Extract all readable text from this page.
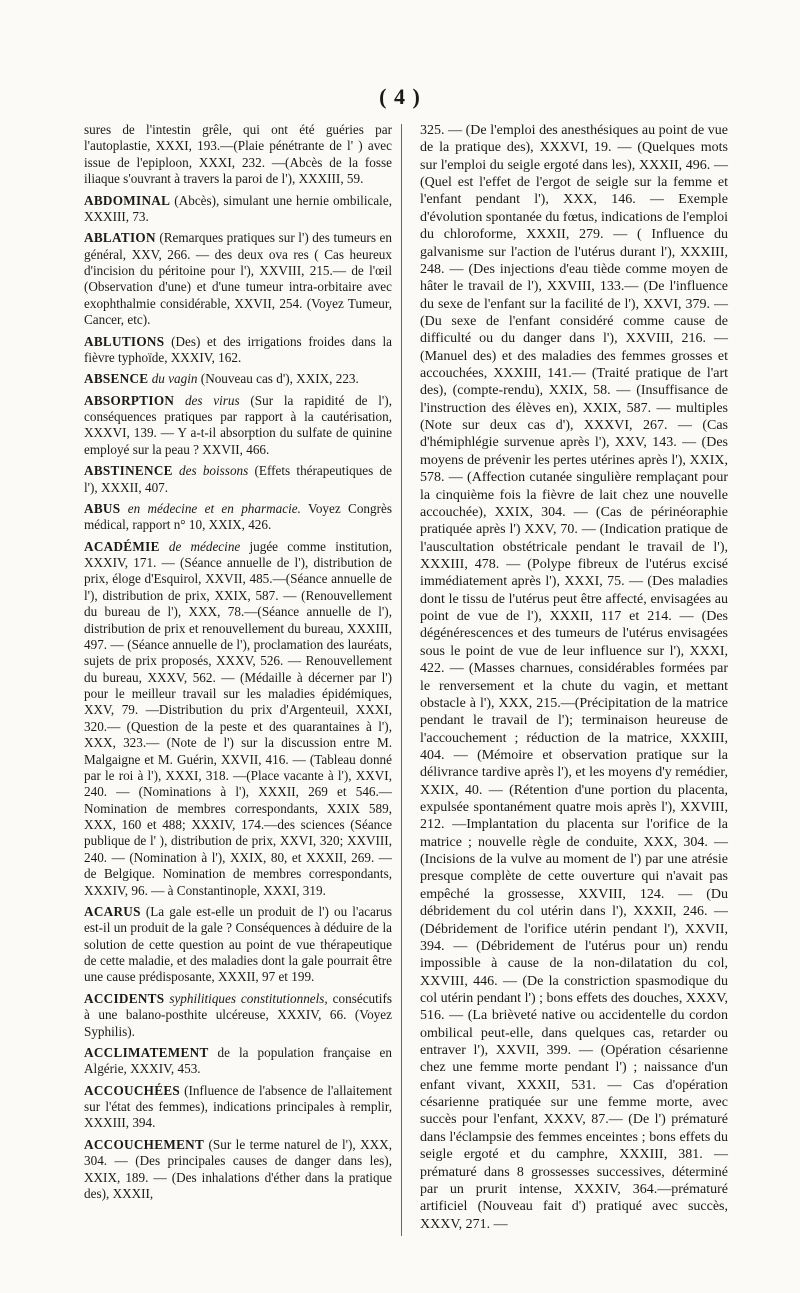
( 4 )

sures de l'intestin grêle, qui ont été guéries par l'autoplastie, XXXI, 193.—(Plaie pénétrante de l' ) avec issue de l'epiploon, XXXI, 232. —(Abcès de la fosse iliaque s'ouvrant à travers la paroi de l'), XXXIII, 59.

ABDOMINAL (Abcès), simulant une hernie ombilicale, XXXIII, 73.

ABLATION (Remarques pratiques sur l') des tumeurs en général, XXV, 266. — des deux ova res ( Cas heureux d'incision du péritoine pour l'), XXVIII, 215.— de l'œil (Observation d'une) et d'une tumeur intra-orbitaire avec exophthalmie considérable, XXVII, 254. (Voyez Tumeur, Cancer, etc).

ABLUTIONS (Des) et des irrigations froides dans la fièvre typhoïde, XXXIV, 162.

ABSENCE du vagin (Nouveau cas d'), XXIX, 223.

ABSORPTION des virus (Sur la rapidité de l'), conséquences pratiques par rapport à la cautérisation, XXXVI, 139. — Y a-t-il absorption du sulfate de quinine employé sur la peau ? XXVII, 466.

ABSTINENCE des boissons (Effets thérapeutiques de l'), XXXII, 407.

ABUS en médecine et en pharmacie. Voyez Congrès médical, rapport n° 10, XXIX, 426.

ACADÉMIE de médecine jugée comme institution, XXXIV, 171. — (Séance annuelle de l'), distribution de prix, éloge d'Esquirol, XXVII, 485.—(Séance annuelle de l'), distribution de prix, XXIX, 587. — (Renouvellement du bureau de l'), XXX, 78.—(Séance annuelle de l'), distribution de prix et renouvellement du bureau, XXXIII, 497. — (Séance annuelle de l'), proclamation des lauréats, sujets de prix proposés, XXXV, 526. — Renouvellement du bureau, XXXV, 562. — (Médaille à décerner par l') pour le meilleur travail sur les maladies épidémiques, XXV, 79. —Distribution du prix d'Argenteuil, XXXI, 320.— (Question de la peste et des quarantaines à l'), XXX, 323.— (Note de l') sur la discussion entre M. Malgaigne et M. Guérin, XXVII, 416. — (Tableau donné par le roi à l'), XXXI, 318. —(Place vacante à l'), XXVI, 240. — (Nominations à l'), XXXII, 269 et 546.—Nomination de membres correspondants, XXIX 589, XXX, 160 et 488; XXXIV, 174.—des sciences (Séance publique de l' ), distribution de prix, XXVI, 320; XXVIII, 240. — (Nomination à l'), XXIX, 80, et XXXII, 269. — de Belgique. Nomination de membres correspondants, XXXIV, 96. — à Constantinople, XXXI, 319.

ACARUS (La gale est-elle un produit de l') ou l'acarus est-il un produit de la gale ? Conséquences à déduire de la solution de cette question au point de vue thérapeutique de cette maladie, et des maladies dont la gale pourrait être une cause prédisposante, XXXII, 97 et 199.

ACCIDENTS syphilitiques constitutionnels, consécutifs à une balano-posthite ulcéreuse, XXXIV, 66. (Voyez Syphilis).

ACCLIMATEMENT de la population française en Algérie, XXXIV, 453.

ACCOUCHÉES (Influence de l'absence de l'allaitement sur l'état des femmes), indications principales à remplir, XXXIII, 394.

ACCOUCHEMENT (Sur le terme naturel de l'), XXX, 304. — (Des principales causes de danger dans les), XXIX, 189. — (Des inhalations d'éther dans la pratique des), XXXII,

325. — (De l'emploi des anesthésiques au point de vue de la pratique des), XXXVI, 19. — (Quelques mots sur l'emploi du seigle ergoté dans les), XXXII, 496. — (Quel est l'effet de l'ergot de seigle sur la femme et l'enfant pendant l'), XXX, 146. — Exemple d'évolution spontanée du fœtus, indications de l'emploi du chloroforme, XXXII, 279. — ( Influence du galvanisme sur l'action de l'utérus durant l'), XXXIII, 248. — (Des injections d'eau tiède comme moyen de hâter le travail de l'), XXVIII, 133.— (De l'influence du sexe de l'enfant sur la facilité de l'), XXVI, 379. — (Du sexe de l'enfant considéré comme cause de difficulté ou du danger dans l'), XXVIII, 216. — (Manuel des) et des maladies des femmes grosses et accouchées, XXXIII, 141.— (Traité pratique de l'art des), (compte-rendu), XXIX, 58. — (Insuffisance de l'instruction des élèves en), XXIX, 587. — multiples (Note sur deux cas d'), XXXVI, 267. — (Cas d'hémiphlégie survenue après l'), XXV, 143. — (Des moyens de prévenir les pertes utérines après l'), XXIX, 578. — (Affection cutanée singulière remplaçant pour la cinquième fois la fièvre de lait chez une nouvelle accouchée), XXIX, 304. — (Cas de périnéoraphie pratiquée après l') XXV, 70. — (Indication pratique de l'auscultation obstétricale pendant le travail de l'), XXXIII, 478. — (Polype fibreux de l'utérus excisé immédiatement après l'), XXXI, 75. — (Des maladies dont le tissu de l'utérus peut être affecté, envisagées au point de vue de l'), XXXII, 117 et 214. — (Des dégénérescences et des tumeurs de l'utérus envisagées sous le point de vue de leur influence sur l'), XXXI, 422. — (Masses charnues, considérables formées par le renversement et la chute du vagin, et mettant obstacle à l'), XXX, 215.—(Précipitation de la matrice pendant le travail de l'); terminaison heureuse de l'accouchement ; réduction de la matrice, XXXIII, 404. — (Mémoire et observation pratique sur la délivrance tardive après l'), et les moyens d'y remédier, XXIX, 40. — (Rétention d'une portion du placenta, expulsée spontanément quatre mois après l'), XXVIII, 212. —Implantation du placenta sur l'orifice de la matrice ; nouvelle règle de conduite, XXX, 304. — (Incisions de la vulve au moment de l') par une atrésie presque complète de cette ouverture qui n'avait pas empêché la grossesse, XXVIII, 124. — (Du débridement du col utérin dans l'), XXXII, 246. — (Débridement de l'orifice utérin pendant l'), XXVII, 394. — (Débridement de l'utérus pour un) rendu impossible à cause de la non-dilatation du col, XXVIII, 446. — (De la constriction spasmodique du col utérin pendant l') ; bons effets des douches, XXXV, 516. — (La brièveté native ou accidentelle du cordon ombilical peut-elle, dans quelques cas, retarder ou entraver l'), XXVII, 399. — (Opération césarienne chez une femme morte pendant l') ; naissance d'un enfant vivant, XXXII, 531. — Cas d'opération césarienne pratiquée sur une femme morte, avec succès pour l'enfant, XXXV, 87.— (De l') prématuré dans l'éclampsie des femmes enceintes ; bons effets du seigle ergoté et du camphre, XXXIII, 381. — prématuré dans 8 grossesses successives, déterminé par un prurit intense, XXXIV, 364.—prématuré artificiel (Nouveau fait d') pratiqué avec succès, XXXV, 271. —
